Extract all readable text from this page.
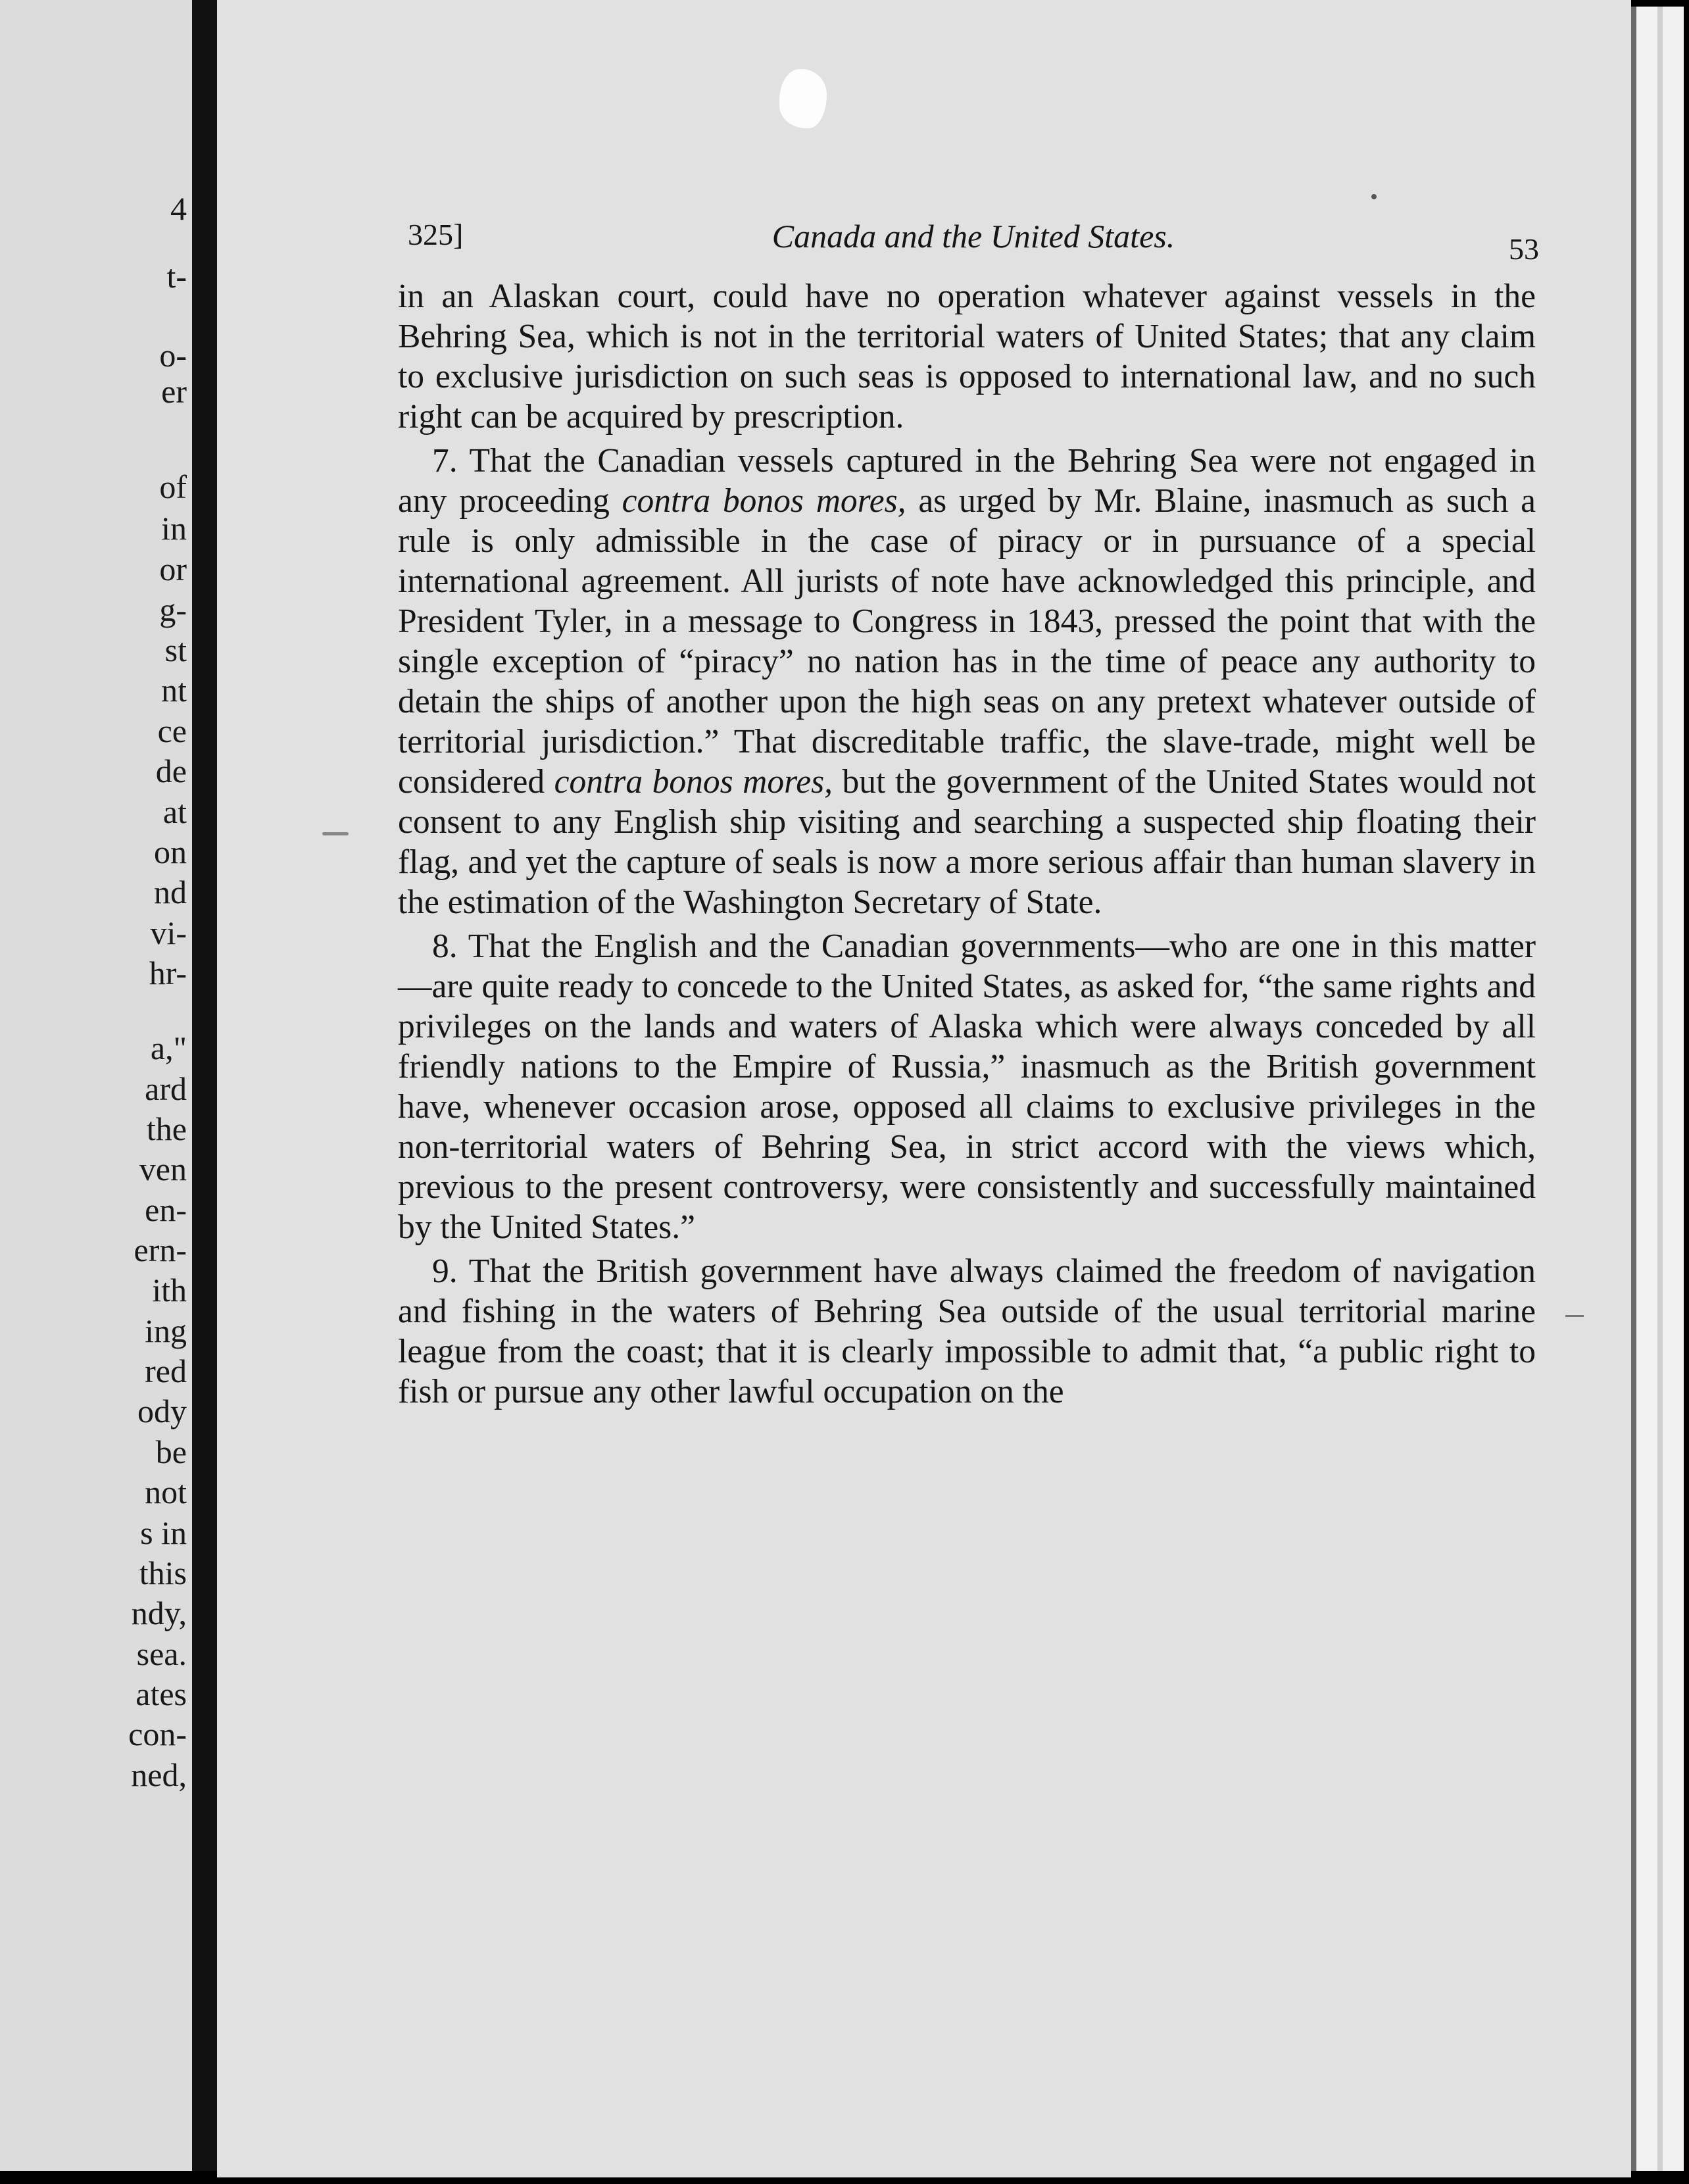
4
t-
o-
er
of
in
or
g-
st
nt
ce
de
at
on
nd
vi-
hr-
a,"
ard
the
ven
en-
ern-
ith
ing
red
ody
be
not
s in
this
ndy,
sea.
ates
con-
ned,
325]	Canada and the United States.	53

in an Alaskan court, could have no operation whatever against vessels in the Behring Sea, which is not in the territorial waters of United States; that any claim to exclusive jurisdiction on such seas is opposed to international law, and no such right can be acquired by prescription.

7. That the Canadian vessels captured in the Behring Sea were not engaged in any proceeding contra bonos mores, as urged by Mr. Blaine, inasmuch as such a rule is only admissible in the case of piracy or in pursuance of a special international agreement. All jurists of note have acknowledged this principle, and President Tyler, in a message to Congress in 1843, pressed the point that with the single exception of “piracy” no nation has in the time of peace any authority to detain the ships of another upon the high seas on any pretext whatever outside of territorial jurisdiction.” That discreditable traffic, the slave-trade, might well be considered contra bonos mores, but the government of the United States would not consent to any English ship visiting and searching a suspected ship floating their flag, and yet the capture of seals is now a more serious affair than human slavery in the estimation of the Washington Secretary of State.

8. That the English and the Canadian governments—who are one in this matter—are quite ready to concede to the United States, as asked for, “the same rights and privileges on the lands and waters of Alaska which were always conceded by all friendly nations to the Empire of Russia,” inasmuch as the British government have, whenever occasion arose, opposed all claims to exclusive privileges in the non-territorial waters of Behring Sea, in strict accord with the views which, previous to the present controversy, were consistently and successfully maintained by the United States.”

9. That the British government have always claimed the freedom of navigation and fishing in the waters of Behring Sea outside of the usual territorial marine league from the coast; that it is clearly impossible to admit that, “a public right to fish or pursue any other lawful occupation on the
